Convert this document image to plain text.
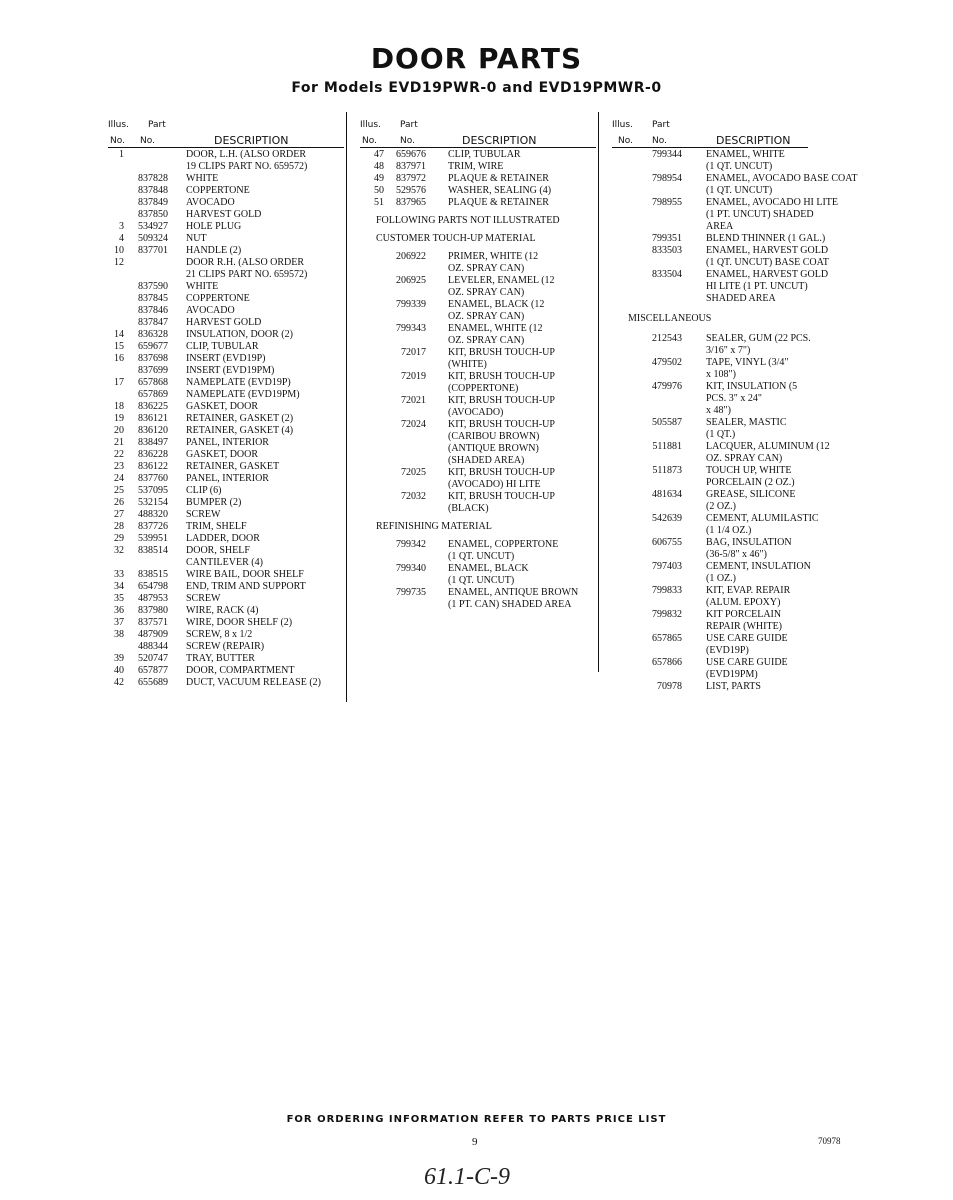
DOOR PARTS
For Models EVD19PWR-0 and EVD19PMWR-0
Illus. Part
No. No.	DESCRIPTION
1	DOOR, L.H. (ALSO ORDER
19 CLIPS PART NO. 659572)
837828 WHITE
837848 COPPERTONE
837849 AVOCADO
837850 HARVEST GOLD
3	534927 HOLE PLUG
4	509324 NUT
10	837701 HANDLE (2)
12	DOOR R.H. (ALSO ORDER
21 CLIPS PART NO. 659572)
837590 WHITE
837845 COPPERTONE
837846 AVOCADO
837847 HARVEST GOLD
14	836328 INSULATION, DOOR (2)
15	659677 CLIP, TUBULAR
16	837698 INSERT (EVD19P)
837699 INSERT (EVD19PM)
17	657868 NAMEPLATE (EVD19P)
657869 NAMEPLATE (EVD19PM)
18	836225 GASKET, DOOR
19	836121 RETAINER, GASKET (2)
20	836120 RETAINER, GASKET (4)
21	838497 PANEL, INTERIOR
22	836228 GASKET, DOOR
23	836122 RETAINER, GASKET
24	837760 PANEL, INTERIOR
25	537095 CLIP (6)
26	532154 BUMPER (2)
27	488320 SCREW
28	837726 TRIM, SHELF
29	539951 LADDER, DOOR
32	838514 DOOR, SHELF
CANTILEVER (4)
33	838515 WIRE BAIL, DOOR SHELF
34	654798 END, TRIM AND SUPPORT
35	487953 SCREW
36	837980 WIRE, RACK (4)
37	837571 WIRE, DOOR SHELF (2)
38	487909 SCREW, 8 x 1/2
488344 SCREW (REPAIR)
39	520747 TRAY, BUTTER
40	657877 DOOR, COMPARTMENT
42	655689 DUCT, VACUUM RELEASE (2)
Illus. Part
No.	No.	DESCRIPTION
47	659676 CLIP, TUBULAR
48	837971 TRIM, WIRE
49	837972 PLAQUE & RETAINER
50	529576 WASHER, SEALING (4)
51	837965 PLAQUE & RETAINER
FOLLOWING PARTS NOT ILLUSTRATED
CUSTOMER TOUCH-UP MATERIAL
206922 PRIMER, WHITE (12
OZ. SPRAY CAN)
206925 LEVELER, ENAMEL (12
OZ. SPRAY CAN)
799339 ENAMEL, BLACK (12
OZ. SPRAY CAN)
799343 ENAMEL, WHITE (12
OZ. SPRAY CAN)
72017 KIT, BRUSH TOUCH-UP
(WHITE)
72019 KIT, BRUSH TOUCH-UP
(COPPERTONE)
72021 KIT, BRUSH TOUCH-UP
(AVOCADO)
72024 KIT, BRUSH TOUCH-UP
(CARIBOU BROWN)
(ANTIQUE BROWN)
(SHADED AREA)
72025 KIT, BRUSH TOUCH-UP
(AVOCADO) HI LITE
72032 KIT, BRUSH TOUCH-UP
(BLACK)
REFINISHING MATERIAL
799342 ENAMEL, COPPERTONE
(1 QT. UNCUT)
799340 ENAMEL, BLACK
(1 QT. UNCUT)
799735 ENAMEL, ANTIQUE BROWN
(1 PT. CAN) SHADED AREA
Illus. Part
No. No.	DESCRIPTION
799344 ENAMEL, WHITE
(1 QT. UNCUT)
798954 ENAMEL, AVOCADO BASE COAT
(1 QT. UNCUT)
798955 ENAMEL, AVOCADO HI LITE
(1 PT. UNCUT) SHADED
AREA
799351 BLEND THINNER (1 GAL.)
833503 ENAMEL, HARVEST GOLD
(1 QT. UNCUT) BASE COAT
833504 ENAMEL, HARVEST GOLD
HI LITE (1 PT. UNCUT)
SHADED AREA
MISCELLANEOUS
212543 SEALER, GUM (22 PCS.
3/16" x 7")
479502 TAPE, VINYL (3/4"
x 108")
479976 KIT, INSULATION (5
PCS. 3" x 24"
x 48")
505587 SEALER, MASTIC
(1 QT.)
511881 LACQUER, ALUMINUM (12
OZ. SPRAY CAN)
511873 TOUCH UP, WHITE
PORCELAIN (2 OZ.)
481634 GREASE, SILICONE
(2 OZ.)
542639 CEMENT, ALUMILASTIC
(1 1/4 OZ.)
606755 BAG, INSULATION
(36-5/8" x 46")
797403 CEMENT, INSULATION
(1 OZ.)
799833 KIT, EVAP. REPAIR
(ALUM. EPOXY)
799832 KIT PORCELAIN
REPAIR (WHITE)
657865 USE CARE GUIDE
(EVD19P)
657866 USE CARE GUIDE
(EVD19PM)
70978 LIST, PARTS
FOR ORDERING INFORMATION REFER TO PARTS PRICE LIST
9	70978
61.1-C-9
